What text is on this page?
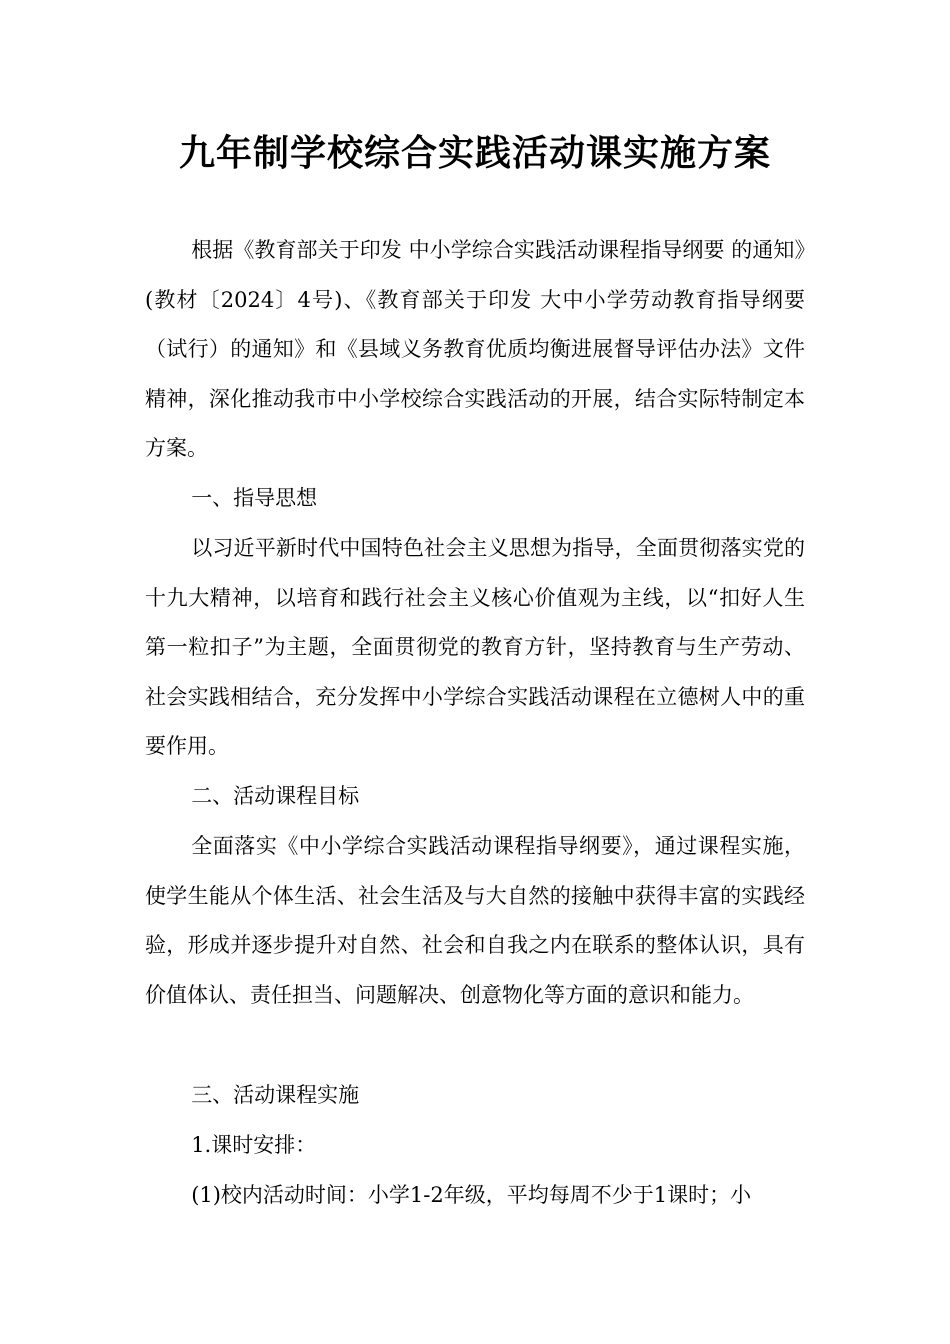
九年制学校综合实践活动课实施方案

根据《教育部关于印发 中小学综合实践活动课程指导纲要 的通知》(教材〔2024〕4号)、《教育部关于印发 大中小学劳动教育指导纲要（试行）的通知》和《县域义务教育优质均衡进展督导评估办法》文件精神，深化推动我市中小学校综合实践活动的开展，结合实际特制定本方案。

一、指导思想

以习近平新时代中国特色社会主义思想为指导，全面贯彻落实党的十九大精神，以培育和践行社会主义核心价值观为主线，以“扣好人生第一粒扣子”为主题，全面贯彻党的教育方针，坚持教育与生产劳动、社会实践相结合，充分发挥中小学综合实践活动课程在立德树人中的重要作用。

二、活动课程目标

全面落实《中小学综合实践活动课程指导纲要》，通过课程实施，使学生能从个体生活、社会生活及与大自然的接触中获得丰富的实践经验，形成并逐步提升对自然、社会和自我之内在联系的整体认识，具有价值体认、责任担当、问题解决、创意物化等方面的意识和能力。

三、活动课程实施

1.课时安排：

(1)校内活动时间：小学1-2年级，平均每周不少于1课时；小
